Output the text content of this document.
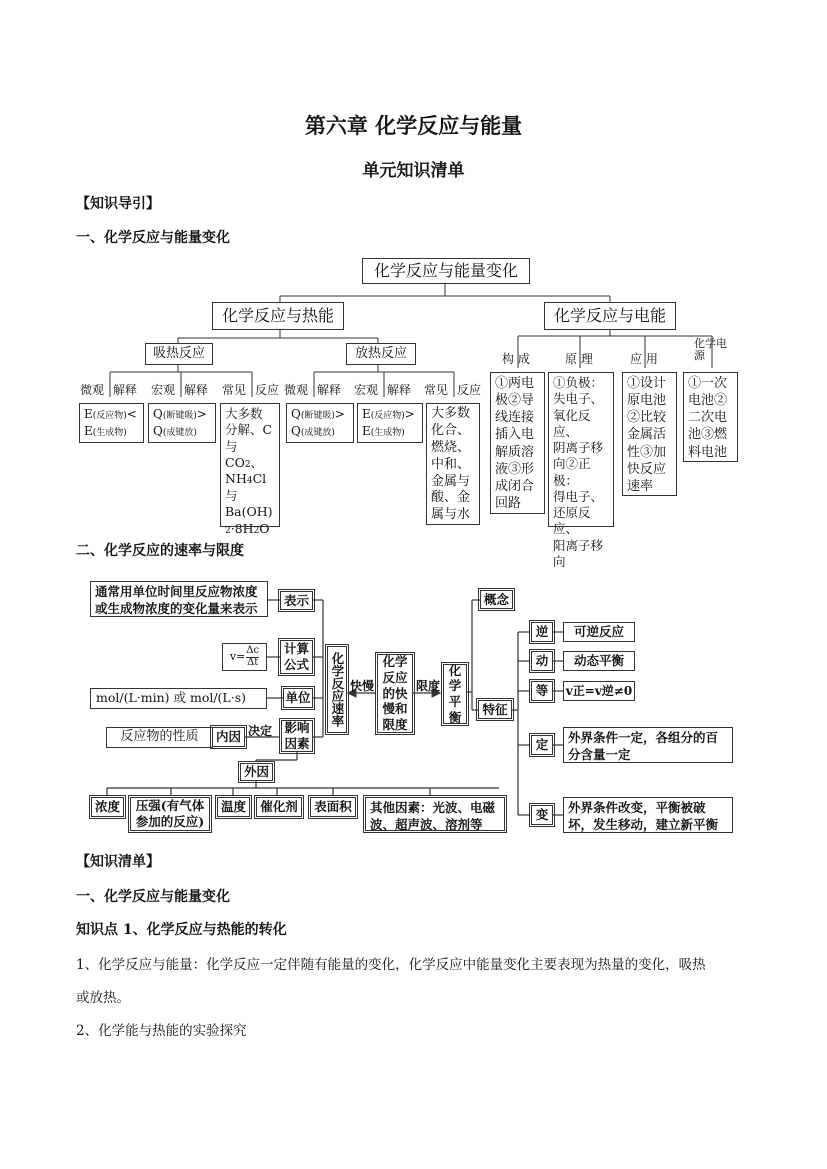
第六章 化学反应与能量
单元知识清单
【知识导引】
一、化学反应与能量变化
化学反应与能量变化
化学反应与热能	化学反应与电能
吸热反应	放热反应
微观 解释 宏观 解释 常见 反应 微观 解释 宏观 解释 常见 反应
构 成	原 理	应 用
化学电源
E(反应物)<
E(生成物)
Q(断键吸)>
Q(成键放)
大多数
分解、C
与CO2、
NH4Cl
与
Ba(OH)
2·8H2O
Q(断键吸)>
Q(成键放)
E(反应物)>
E(生成物)
大多数
化合、
燃烧、
中和、
金属与
酸、金
属与水
①两电
极②导
线连接
插入电
解质溶
液③形
成闭合
回路
①负极：
失电子、
氧化反应、
阴离子移
向②正极：
得电子、
还原反应、
阳离子移
向
①设计
原电池
②比较
金属活
性③加
快反应
速率
①一次
电池②
二次电
池③燃
料电池
二、化学反应的速率与限度
通常用单位时间里反应物浓度或生成物浓度的变化量来表示
表示
$v= \frac{\Delta c}{\Delta t}$ 计算公式
mol/(L·min) 或 mol/(L·s)	单位
反应物的性质 内因 决定 影响因素
化学反应速率 快慢
化学反应的快慢和限度
限度
化学平衡
概念
特征
逆 可逆反应
动 动态平衡
等 v正=v逆≠0
定	外界条件一定，各组分的百分含量一定
变	外界条件改变，平衡被破坏，发生移动，建立新平衡
外因
浓度 压强(有气体参加的反应)
温度 催化剂 表面积	其他因素：光波、电磁波、超声波、溶剂等
【知识清单】
一、化学反应与能量变化
知识点 1、化学反应与热能的转化
1、化学反应与能量：化学反应一定伴随有能量的变化，化学反应中能量变化主要表现为热量的变化，吸热
或放热。
2、化学能与热能的实验探究
